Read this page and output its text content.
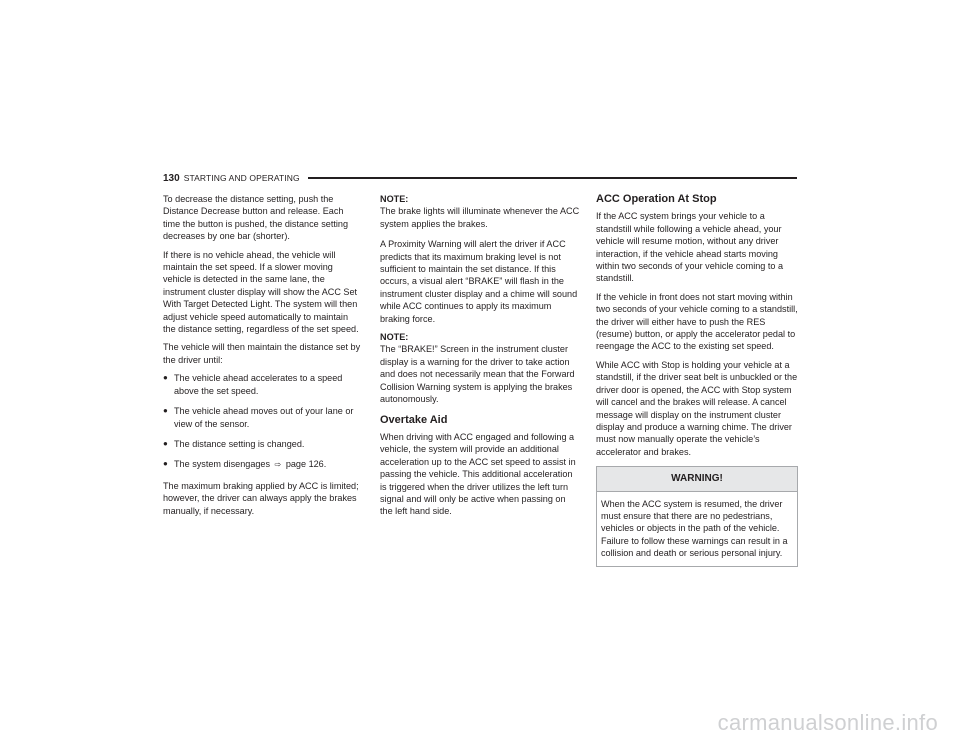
130 STARTING AND OPERATING

To decrease the distance setting, push the Distance Decrease button and release. Each time the button is pushed, the distance setting decreases by one bar (shorter).

If there is no vehicle ahead, the vehicle will maintain the set speed. If a slower moving vehicle is detected in the same lane, the instrument cluster display will show the ACC Set With Target Detected Light. The system will then adjust vehicle speed automatically to maintain the distance setting, regardless of the set speed.

The vehicle will then maintain the distance set by the driver until:

● The vehicle ahead accelerates to a speed above the set speed.
● The vehicle ahead moves out of your lane or view of the sensor.
● The distance setting is changed.
● The system disengages ⇨ page 126.

The maximum braking applied by ACC is limited; however, the driver can always apply the brakes manually, if necessary.

NOTE:

The brake lights will illuminate whenever the ACC system applies the brakes.

A Proximity Warning will alert the driver if ACC predicts that its maximum braking level is not sufficient to maintain the set distance. If this occurs, a visual alert “BRAKE” will flash in the instrument cluster display and a chime will sound while ACC continues to apply its maximum braking force.

NOTE:

The “BRAKE!” Screen in the instrument cluster display is a warning for the driver to take action and does not necessarily mean that the Forward Collision Warning system is applying the brakes autonomously.

Overtake Aid

When driving with ACC engaged and following a vehicle, the system will provide an additional acceleration up to the ACC set speed to assist in passing the vehicle. This additional acceleration is triggered when the driver utilizes the left turn signal and will only be active when passing on the left hand side.

ACC Operation At Stop

If the ACC system brings your vehicle to a standstill while following a vehicle ahead, your vehicle will resume motion, without any driver interaction, if the vehicle ahead starts moving within two seconds of your vehicle coming to a standstill.

If the vehicle in front does not start moving within two seconds of your vehicle coming to a standstill, the driver will either have to push the RES (resume) button, or apply the accelerator pedal to reengage the ACC to the existing set speed.

While ACC with Stop is holding your vehicle at a standstill, if the driver seat belt is unbuckled or the driver door is opened, the ACC with Stop system will cancel and the brakes will release. A cancel message will display on the instrument cluster display and produce a warning chime. The driver must now manually operate the vehicle’s accelerator and brakes.

WARNING!
When the ACC system is resumed, the driver must ensure that there are no pedestrians, vehicles or objects in the path of the vehicle. Failure to follow these warnings can result in a collision and death or serious personal injury.
carmanualsonline.info
